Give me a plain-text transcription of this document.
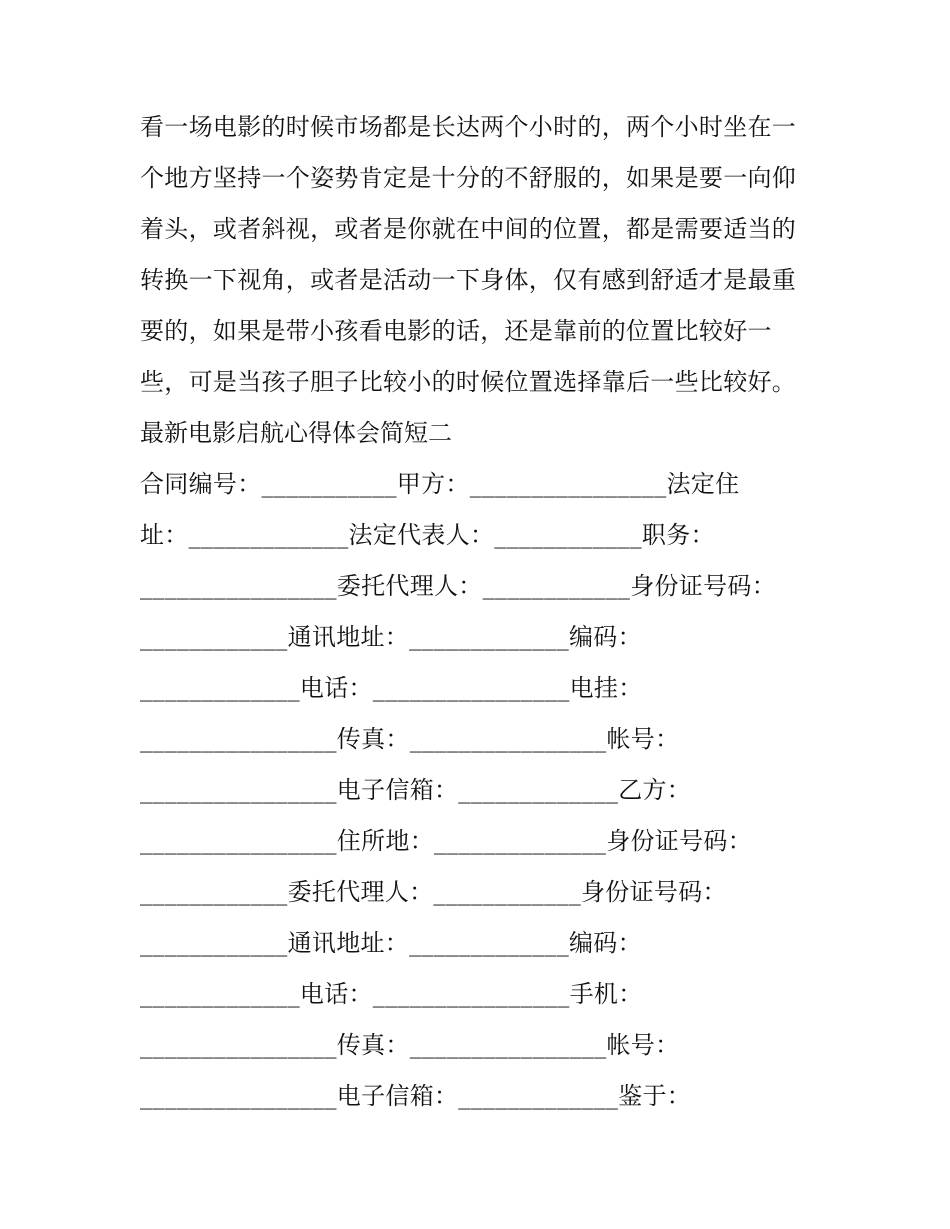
看一场电影的时候市场都是长达两个小时的，两个小时坐在一
个地方坚持一个姿势肯定是十分的不舒服的，如果是要一向仰
着头，或者斜视，或者是你就在中间的位置，都是需要适当的
转换一下视角，或者是活动一下身体，仅有感到舒适才是最重
要的，如果是带小孩看电影的话，还是靠前的位置比较好一
些，可是当孩子胆子比较小的时候位置选择靠后一些比较好。
最新电影启航心得体会简短二
合同编号：___________甲方：________________法定住
址：_____________法定代表人：____________职务：
________________委托代理人：____________身份证号码：
____________通讯地址：_____________编码：
_____________电话：________________电挂：
________________传真：________________帐号：
________________电子信箱：_____________乙方：
________________住所地：______________身份证号码：
____________委托代理人：____________身份证号码：
____________通讯地址：_____________编码：
_____________电话：________________手机：
________________传真：________________帐号：
________________电子信箱：_____________鉴于：
